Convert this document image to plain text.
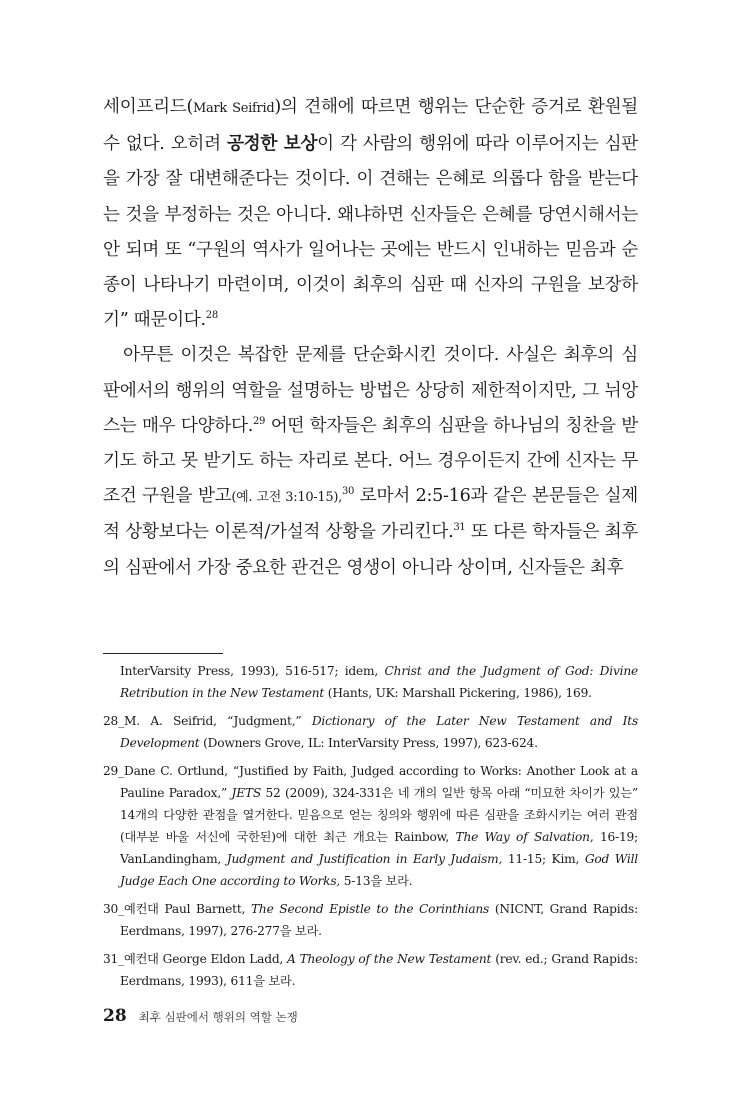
세이프리드(Mark Seifrid)의 견해에 따르면 행위는 단순한 증거로 환원될 수 없다. 오히려 공정한 보상이 각 사람의 행위에 따라 이루어지는 심판을 가장 잘 대변해준다는 것이다. 이 견해는 은혜로 의롭다 함을 받는다는 것을 부정하는 것은 아니다. 왜냐하면 신자들은 은혜를 당연시해서는 안 되며 또 “구원의 역사가 일어나는 곳에는 반드시 인내하는 믿음과 순종이 나타나기 마련이며, 이것이 최후의 심판 때 신자의 구원을 보장하기” 때문이다.$^{28}$

아무튼 이것은 복잡한 문제를 단순화시킨 것이다. 사실은 최후의 심판에서의 행위의 역할을 설명하는 방법은 상당히 제한적이지만, 그 뉘앙스는 매우 다양하다.$^{29}$ 어떤 학자들은 최후의 심판을 하나님의 칭찬을 받기도 하고 못 받기도 하는 자리로 본다. 어느 경우이든지 간에 신자는 무조건 구원을 받고(예. 고전 3:10-15),$^{30}$ 로마서 2:5-16과 같은 본문들은 실제적 상황보다는 이론적/가설적 상황을 가리킨다.$^{31}$ 또 다른 학자들은 최후의 심판에서 가장 중요한 관건은 영생이 아니라 상이며, 신자들은 최후

InterVarsity Press, 1993), 516-517; idem, Christ and the Judgment of God: Divine Retribution in the New Testament (Hants, UK: Marshall Pickering, 1986), 169.

28_M. A. Seifrid, “Judgment,” Dictionary of the Later New Testament and Its Development (Downers Grove, IL: InterVarsity Press, 1997), 623-624.

29_Dane C. Ortlund, “Justified by Faith, Judged according to Works: Another Look at a Pauline Paradox,” JETS 52 (2009), 324-331은 네 개의 일반 항목 아래 “미묘한 차이가 있는” 14개의 다양한 관점을 열거한다. 믿음으로 얻는 칭의와 행위에 따른 심판을 조화시키는 여러 관점(대부분 바울 서신에 국한된)에 대한 최근 개요는 Rainbow, The Way of Salvation, 16-19; VanLandingham, Judgment and Justification in Early Judaism, 11-15; Kim, God Will Judge Each One according to Works, 5-13을 보라.

30_예컨대 Paul Barnett, The Second Epistle to the Corinthians (NICNT, Grand Rapids: Eerdmans, 1997), 276-277을 보라.

31_예컨대 George Eldon Ladd, A Theology of the New Testament (rev. ed.; Grand Rapids: Eerdmans, 1993), 611을 보라.

28 최후 심판에서 행위의 역할 논쟁
